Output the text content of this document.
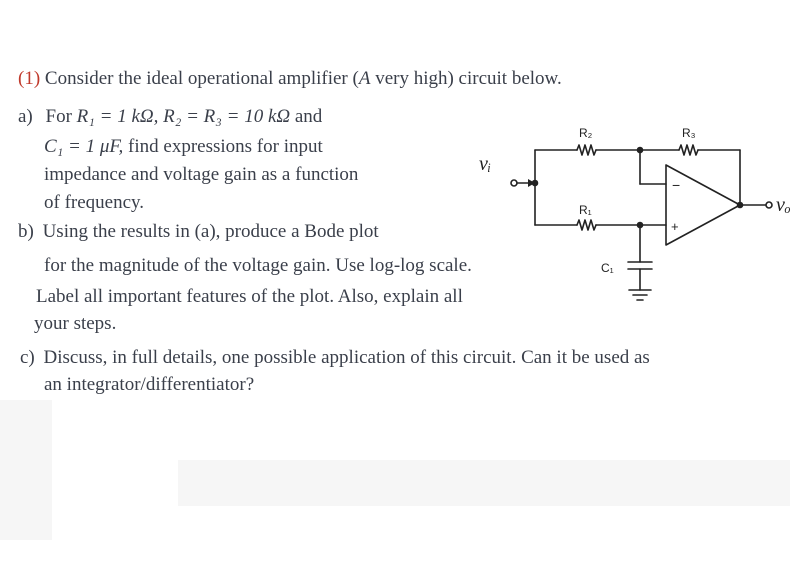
(1) Consider the ideal operational amplifier (A very high) circuit below.
a) For R₁ = 1 kΩ, R₂ = R₃ = 10 kΩ and
C₁ = 1 μF, find expressions for input
impedance and voltage gain as a function
of frequency.
b) Using the results in (a), produce a Bode plot
for the magnitude of the voltage gain. Use log-log scale.
Label all important features of the plot. Also, explain all
your steps.
c) Discuss, in full details, one possible application of this circuit. Can it be used as
an integrator/differentiator?
R₂	R₃
R₁
C₁
vᵢ
vₒ
−
+
